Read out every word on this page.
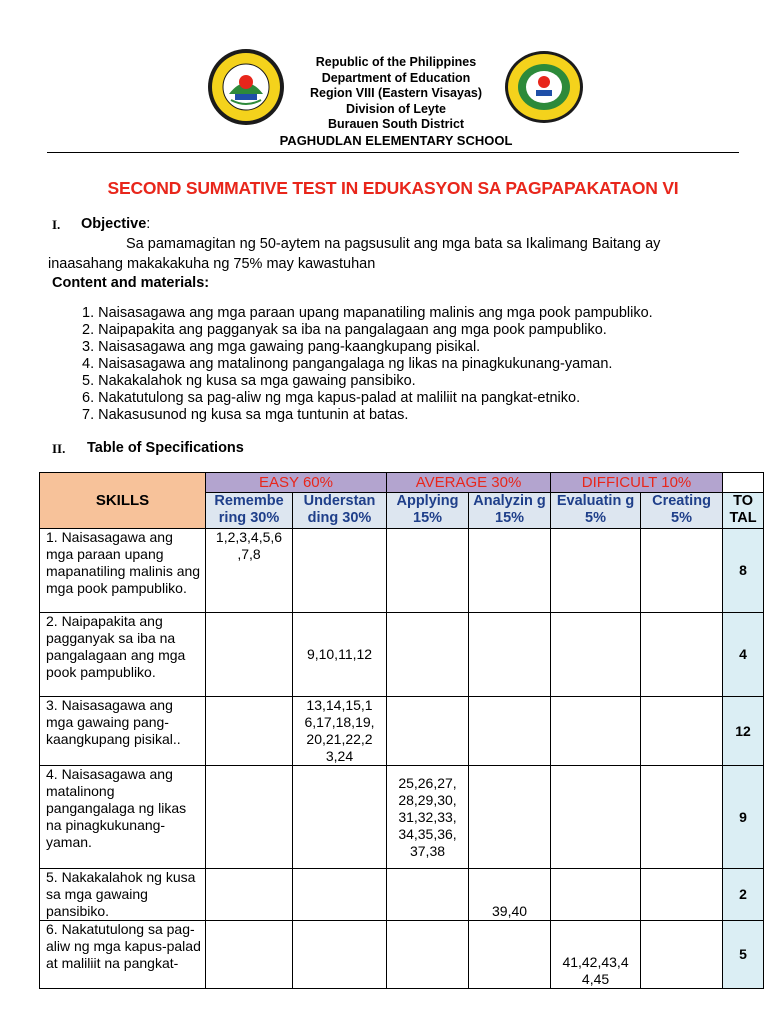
Republic of the Philippines
Department of Education
Region VIII (Eastern Visayas)
Division of Leyte
Burauen South District
PAGHUDLAN ELEMENTARY SCHOOL
SECOND SUMMATIVE TEST IN EDUKASYON SA PAGPAPAKATAON VI
I. Objective:
Sa pamamagitan ng 50-aytem na pagsusulit ang mga bata sa Ikalimang Baitang ay inaasahang makakakuha ng 75% may kawastuhan
Content and materials:
1. Naisasagawa ang mga paraan upang mapanatiling malinis ang mga pook pampubliko.
2. Naipapakita ang pagganyak sa iba na pangalagaan ang mga pook pampubliko.
3. Naisasagawa ang mga gawaing pang-kaangkupang pisikal.
4. Naisasagawa ang matalinong pangangalaga ng likas na pinagkukunang-yaman.
5. Nakakalahok ng kusa sa mga gawaing pansibiko.
6. Nakatutulong sa pag-aliw ng mga kapus-palad at maliliit na pangkat-etniko.
7. Nakasusunod ng kusa sa mga tuntunin at batas.
II. Table of Specifications
SKILLS	EASY 60%		AVERAGE 30%		DIFFICULT 10%		
	Remembe ring 30%	Understan ding 30%	Applying 15%	Analyzin g 15%	Evaluatin g 5%	Creating 5%	TO TAL
1. Naisasagawa ang mga paraan upang mapanatiling malinis ang mga pook pampubliko.	1,2,3,4,5,6 ,7,8						8
2. Naipapakita ang pagganyak sa iba na pangalagaan ang mga pook pampubliko.		9,10,11,12					4
3. Naisasagawa ang mga gawaing pang-kaangkupang pisikal..		13,14,15,1 6,17,18,19, 20,21,22,2 3,24					12
4. Naisasagawa ang matalinong pangangalaga ng likas na pinagkukunang-yaman.			25,26,27, 28,29,30, 31,32,33, 34,35,36, 37,38				9
5. Nakakalahok ng kusa sa mga gawaing pansibiko.				39,40			2
6. Nakatutulong sa pag-aliw ng mga kapus-palad at maliliit na pangkat-					41,42,43,4 4,45		5
